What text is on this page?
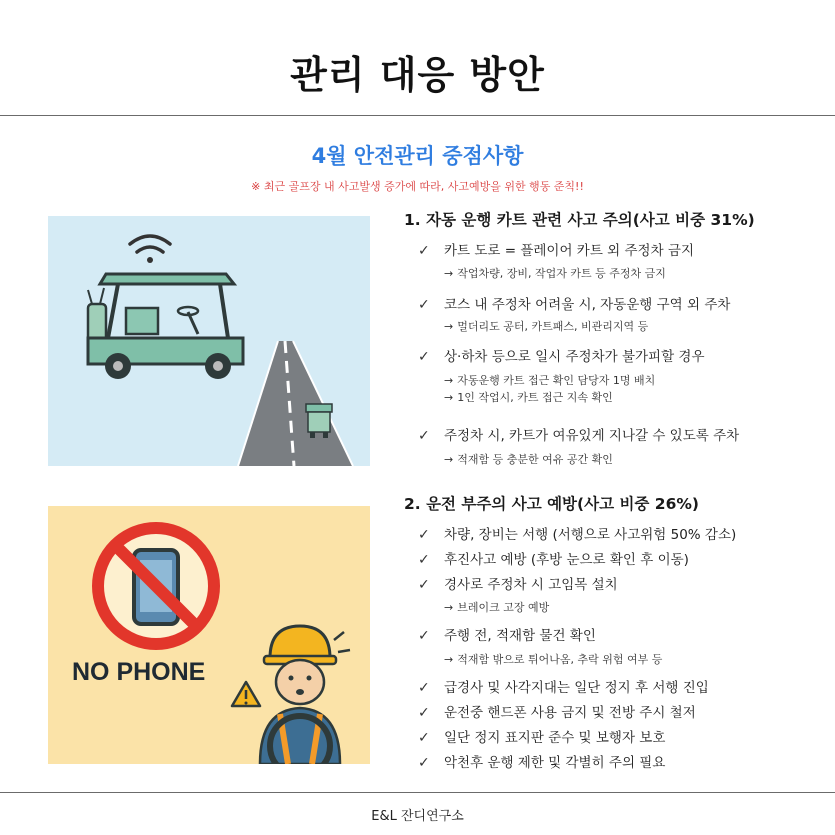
관리 대응 방안
4월 안전관리 중점사항
※ 최근 골프장 내 사고발생 증가에 따라, 사고예방을 위한 행동 준칙!!
NO PHONE
1. 자동 운행 카트 관련 사고 주의(사고 비중 31%)
✓ 카트 도로 = 플레이어 카트 외 주정차 금지
→ 작업차량, 장비, 작업자 카트 등 주정차 금지
✓ 코스 내 주정차 어려울 시, 자동운행 구역 외 주차
→ 멀더리도 공터, 카트패스, 비관리지역 등
✓ 상·하차 등으로 일시 주정차가 불가피할 경우
→ 자동운행 카트 접근 확인 담당자 1명 배치
→ 1인 작업시, 카트 접근 지속 확인
✓ 주정차 시, 카트가 여유있게 지나갈 수 있도록 주차
→ 적재함 등 충분한 여유 공간 확인
2. 운전 부주의 사고 예방(사고 비중 26%)
✓ 차량, 장비는 서행 (서행으로 사고위험 50% 감소)
✓ 후진사고 예방 (후방 눈으로 확인 후 이동)
✓ 경사로 주정차 시 고임목 설치
→ 브레이크 고장 예방
✓ 주행 전, 적재함 물건 확인
→ 적재함 밖으로 튀어나옴, 추락 위험 여부 등
✓ 급경사 및 사각지대는 일단 정지 후 서행 진입
✓ 운전중 핸드폰 사용 금지 및 전방 주시 철저
✓ 일단 정지 표지판 준수 및 보행자 보호
✓ 악천후 운행 제한 및 각별히 주의 필요
E&L 잔디연구소
